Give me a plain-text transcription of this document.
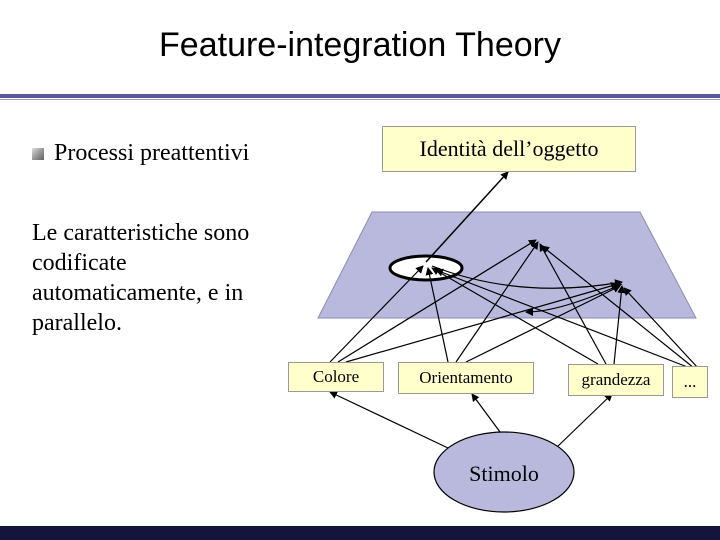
Feature-integration Theory
Processi preattentivi
Le caratteristiche sono codificate automaticamente, e in parallelo.
Stimolo
Identità dell’oggetto
Colore	Orientamento	grandezza	...
